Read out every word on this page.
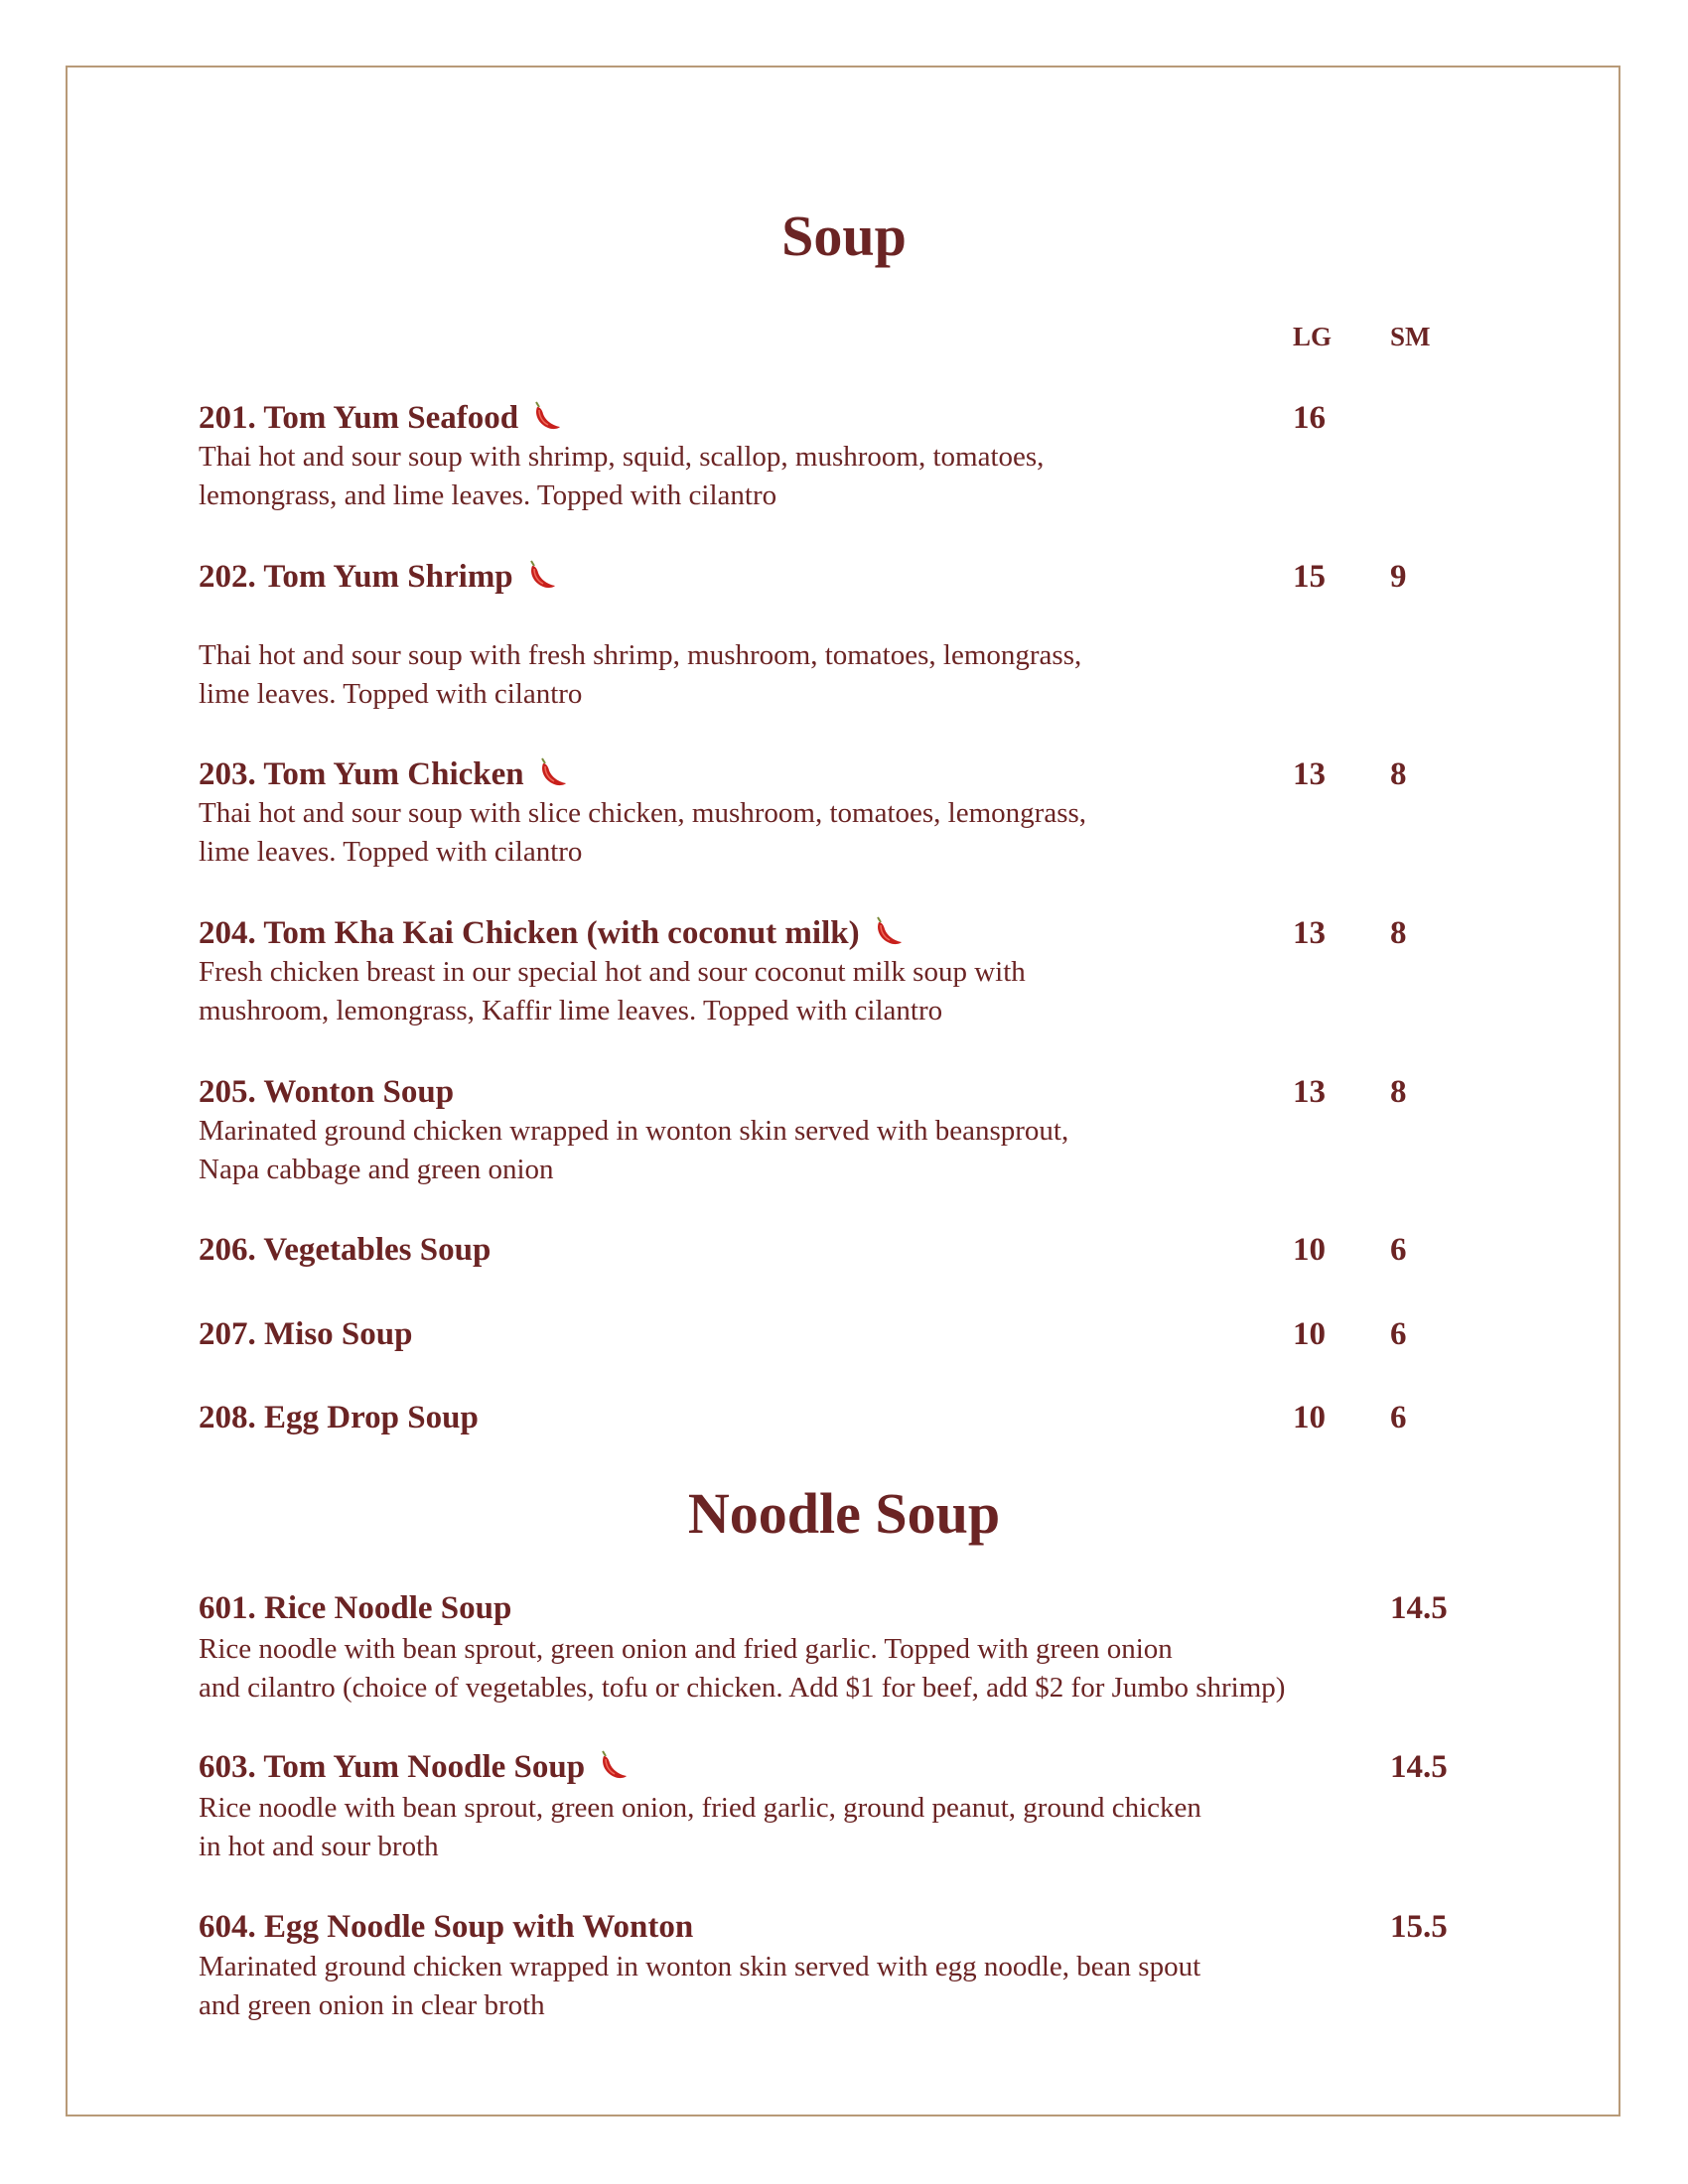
Soup
LG SM
201. Tom Yum Seafood	16
Thai hot and sour soup with shrimp, squid, scallop, mushroom, tomatoes,
lemongrass, and lime leaves. Topped with cilantro
202. Tom Yum Shrimp	15 9
Thai hot and sour soup with fresh shrimp, mushroom, tomatoes, lemongrass,
lime leaves. Topped with cilantro
203. Tom Yum Chicken	13 8
Thai hot and sour soup with slice chicken, mushroom, tomatoes, lemongrass,
lime leaves. Topped with cilantro
204. Tom Kha Kai Chicken (with coconut milk)	13 8
Fresh chicken breast in our special hot and sour coconut milk soup with
mushroom, lemongrass, Kaffir lime leaves. Topped with cilantro
205. Wonton Soup	13 8
Marinated ground chicken wrapped in wonton skin served with beansprout,
Napa cabbage and green onion
206. Vegetables Soup	10 6
207. Miso Soup	10 6
208. Egg Drop Soup	10 6
Noodle Soup
601. Rice Noodle Soup	14.5
Rice noodle with bean sprout, green onion and fried garlic. Topped with green onion
and cilantro (choice of vegetables, tofu or chicken. Add $1 for beef, add $2 for Jumbo shrimp)
603. Tom Yum Noodle Soup	14.5
Rice noodle with bean sprout, green onion, fried garlic, ground peanut, ground chicken
in hot and sour broth
604. Egg Noodle Soup with Wonton	15.5
Marinated ground chicken wrapped in wonton skin served with egg noodle, bean spout
and green onion in clear broth
